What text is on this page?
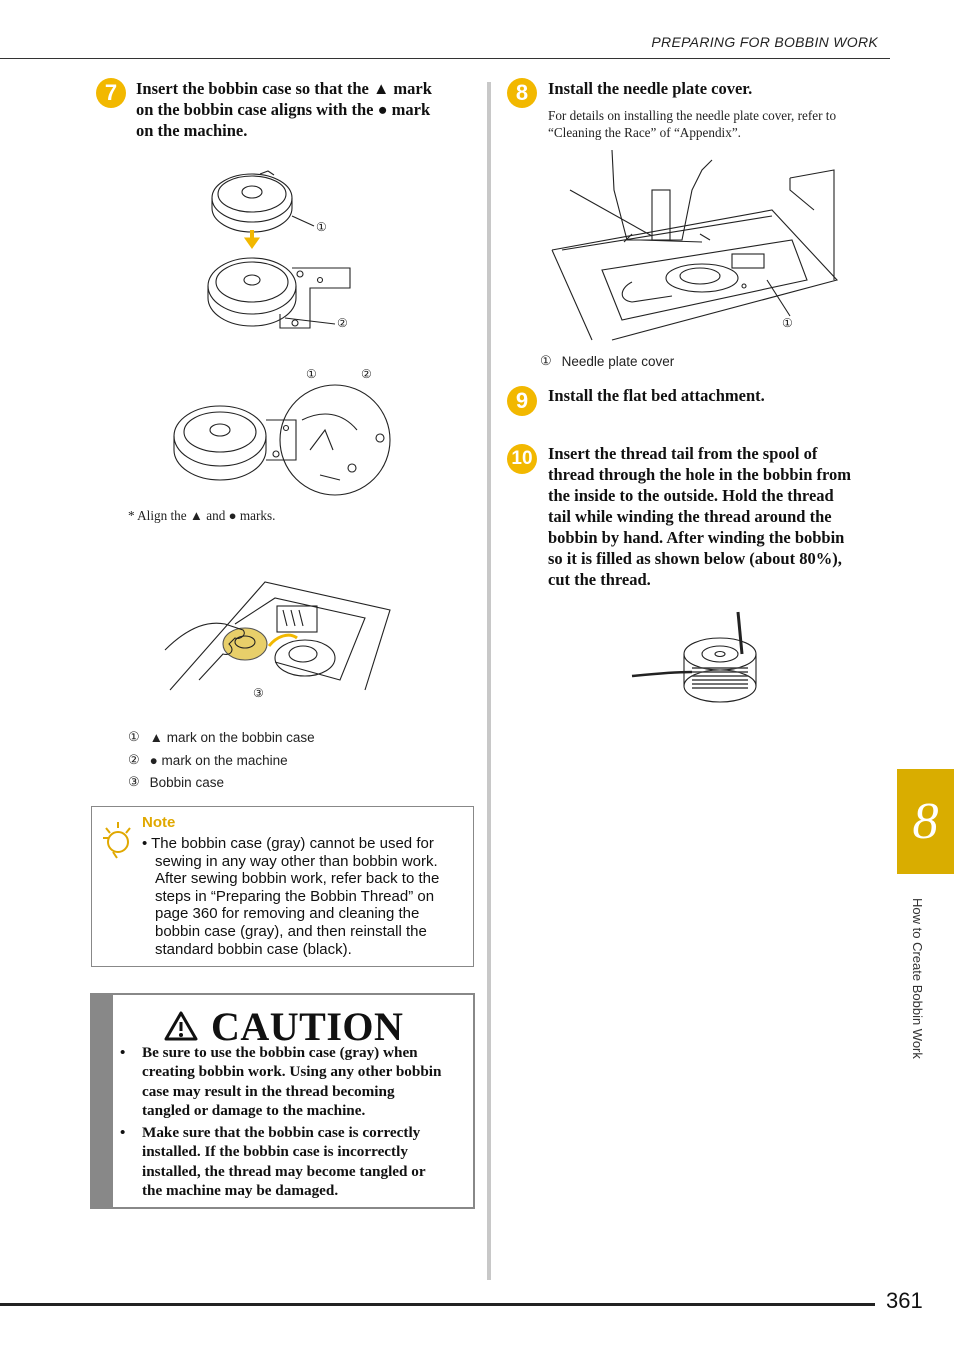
PREPARING FOR BOBBIN WORK
7	Insert the bobbin case so that the ▲ mark
on the bobbin case aligns with the ● mark
on the machine.
①
②
①	②
* Align the ▲ and ● marks.
③
① ▲ mark on the bobbin case
② ● mark on the machine
③ Bobbin case
Note
• The bobbin case (gray) cannot be used for
sewing in any way other than bobbin work.
After sewing bobbin work, refer back to the
steps in “Preparing the Bobbin Thread” on
page 360 for removing and cleaning the
bobbin case (gray), and then reinstall the
standard bobbin case (black).
CAUTION
•	Be sure to use the bobbin case (gray) when
creating bobbin work. Using any other bobbin
case may result in the thread becoming
tangled or damage to the machine.
•	Make sure that the bobbin case is correctly
installed. If the bobbin case is incorrectly
installed, the thread may become tangled or
the machine may be damaged.
8	Install the needle plate cover.
For details on installing the needle plate cover, refer to
“Cleaning the Race” of “Appendix”.
①
① Needle plate cover
9	Install the flat bed attachment.
10 Insert the thread tail from the spool of
thread through the hole in the bobbin from
the inside to the outside. Hold the thread
tail while winding the thread around the
bobbin by hand. After winding the bobbin
so it is filled as shown below (about 80%),
cut the thread.
8
How to Create Bobbin Work
361
